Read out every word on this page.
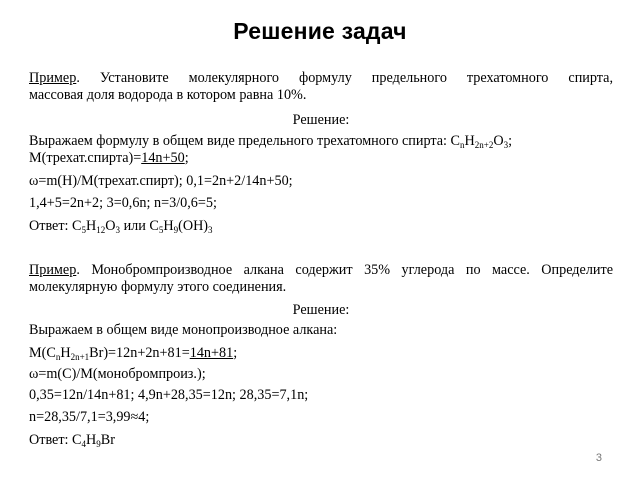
Решение задач
Пример. Установите молекулярного формулу предельного трехатомного спирта,
массовая доля водорода в котором равна 10%.
Решение:
Выражаем формулу в общем виде предельного трехатомного спирта: $C_nH_{2n+2}O_3$;
M(трехат.спирта)=14n+50;
ω=m(H)/M(трехат.спирт); 0,1=2n+2/14n+50;
1,4+5=2n+2; 3=0,6n; n=3/0,6=5;
Ответ: $C_5H_{12}O_3$ или $C_5H_9(OH)_3$
Пример. Монобромпроизводное алкана содержит 35% углерода по массе. Определите
молекулярную формулу этого соединения.
Решение:
Выражаем в общем виде монопроизводное алкана:
$M(C_nH_{2n+1}Br)=12n+2n+81=14n+81$;
ω=m(C)/M(монобромпроиз.);
0,35=12n/14n+81; 4,9n+28,35=12n; 28,35=7,1n;
n=28,35/7,1=3,99≈4;
Ответ: $C_4H_9Br$
3
